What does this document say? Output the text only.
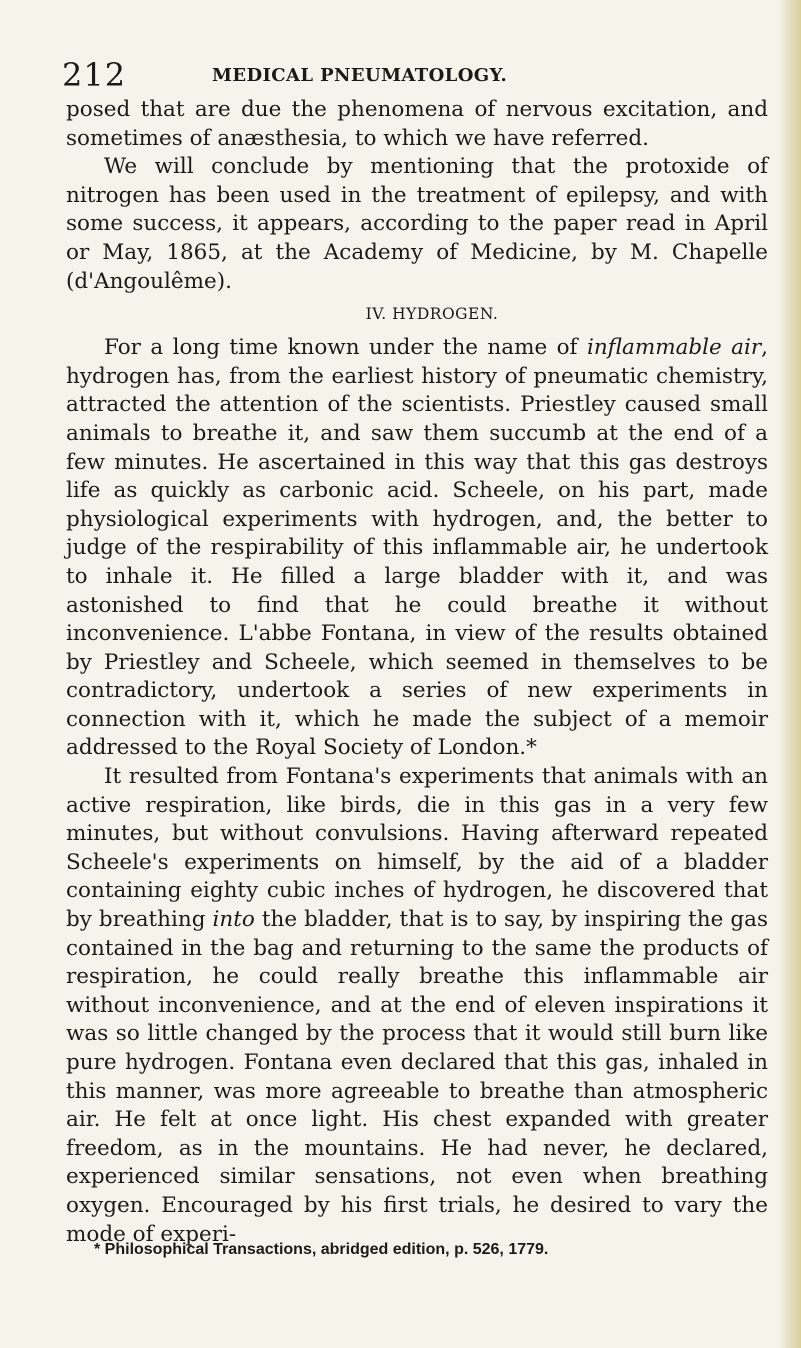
212	MEDICAL PNEUMATOLOGY.

posed that are due the phenomena of nervous excitation, and sometimes of anæsthesia, to which we have referred.

We will conclude by mentioning that the protoxide of nitrogen has been used in the treatment of epilepsy, and with some success, it appears, according to the paper read in April or May, 1865, at the Academy of Medicine, by M. Chapelle (d'Angoulême).

IV. HYDROGEN.

For a long time known under the name of inflammable air, hydrogen has, from the earliest history of pneumatic chemistry, attracted the attention of the scientists. Priestley caused small animals to breathe it, and saw them succumb at the end of a few minutes. He ascertained in this way that this gas destroys life as quickly as carbonic acid. Scheele, on his part, made physiological experiments with hydrogen, and, the better to judge of the respirability of this inflammable air, he undertook to inhale it. He filled a large bladder with it, and was astonished to find that he could breathe it without inconvenience. L'abbe Fontana, in view of the results obtained by Priestley and Scheele, which seemed in themselves to be contradictory, undertook a series of new experiments in connection with it, which he made the subject of a memoir addressed to the Royal Society of London.*

It resulted from Fontana's experiments that animals with an active respiration, like birds, die in this gas in a very few minutes, but without convulsions. Having afterward repeated Scheele's experiments on himself, by the aid of a bladder containing eighty cubic inches of hydrogen, he discovered that by breathing into the bladder, that is to say, by inspiring the gas contained in the bag and returning to the same the products of respiration, he could really breathe this inflammable air without inconvenience, and at the end of eleven inspirations it was so little changed by the process that it would still burn like pure hydrogen. Fontana even declared that this gas, inhaled in this manner, was more agreeable to breathe than atmospheric air. He felt at once light. His chest expanded with greater freedom, as in the mountains. He had never, he declared, experienced similar sensations, not even when breathing oxygen. Encouraged by his first trials, he desired to vary the mode of experi-

* Philosophical Transactions, abridged edition, p. 526, 1779.
